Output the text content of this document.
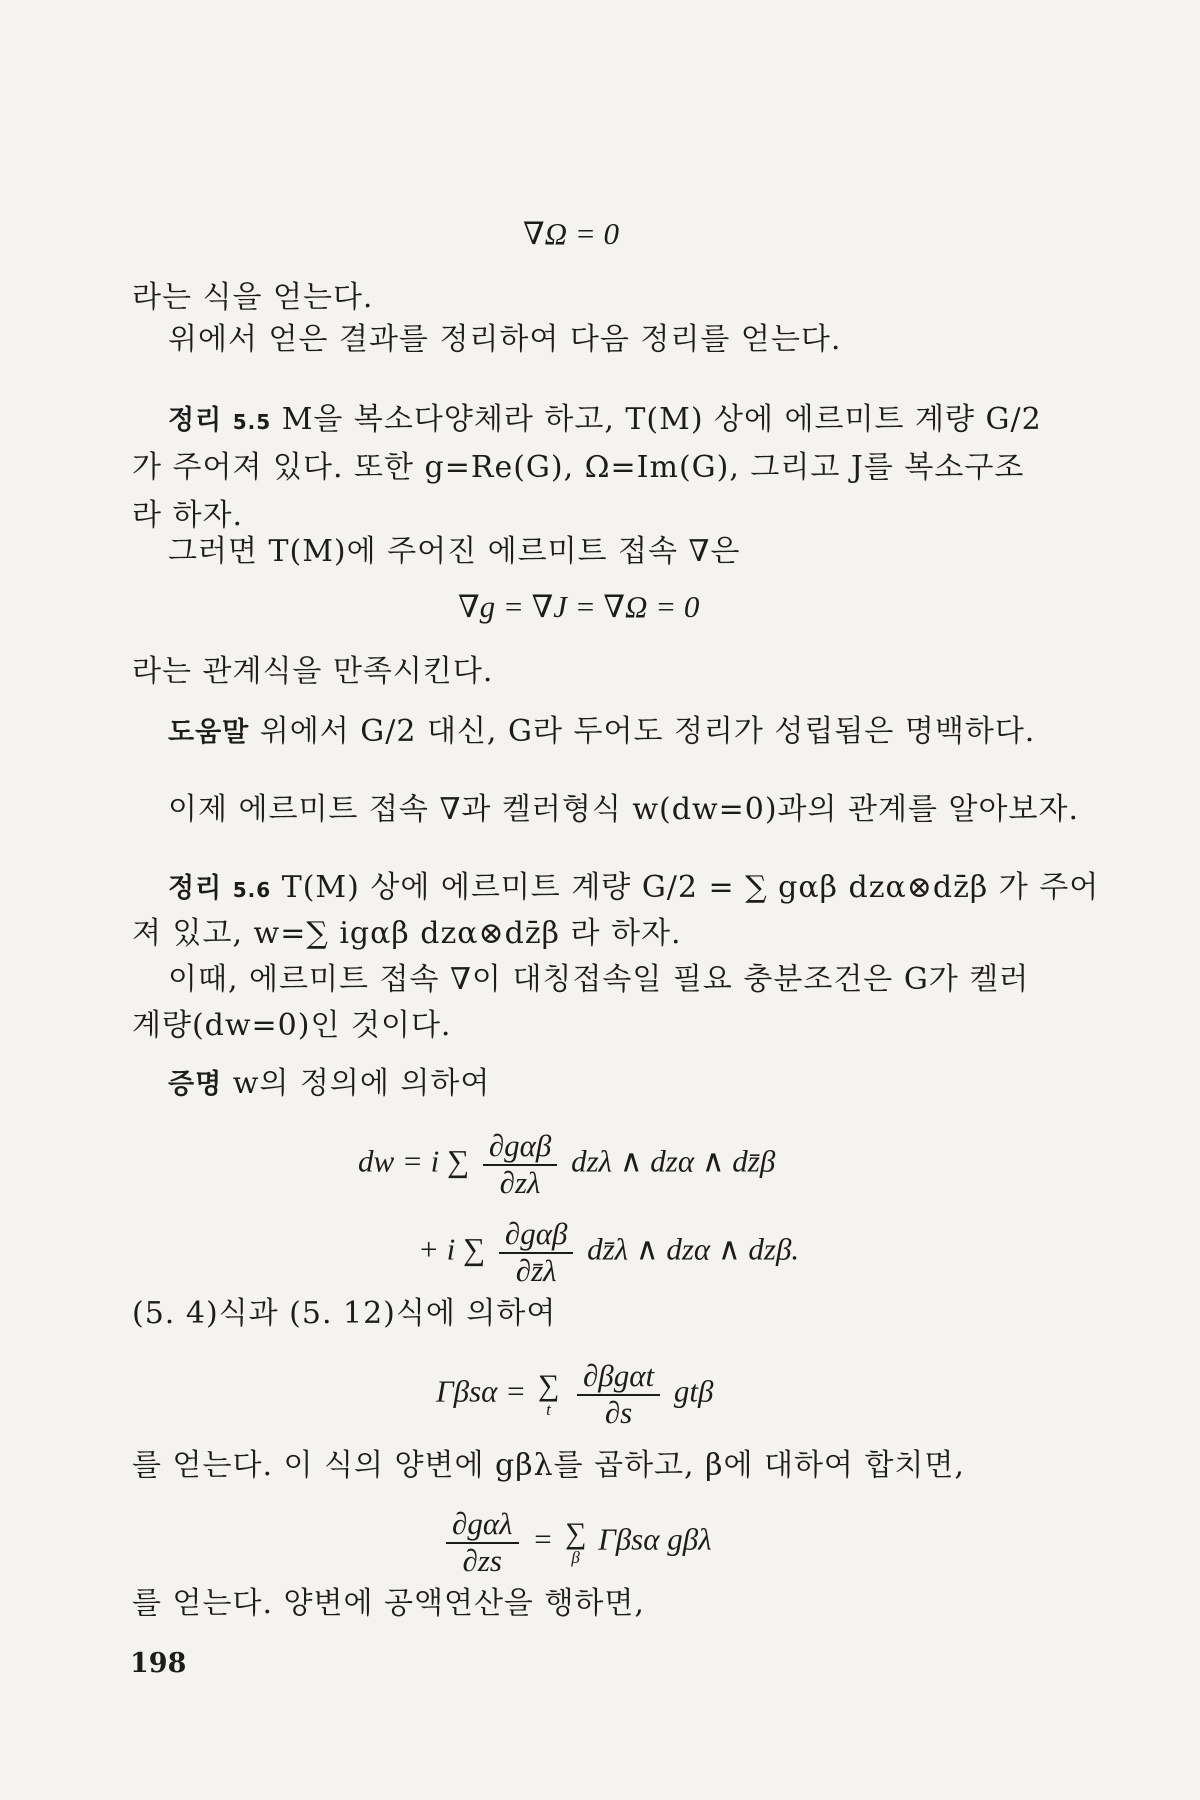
∇Ω = 0
라는 식을 얻는다.
위에서 얻은 결과를 정리하여 다음 정리를 얻는다.
정리 5.5 M을 복소다양체라 하고, T(M) 상에 에르미트 계량 G/2
가 주어져 있다. 또한 g=Re(G), Ω=Im(G), 그리고 J를 복소구조
라 하자.
그러면 T(M)에 주어진 에르미트 접속 ∇은
∇g = ∇J = ∇Ω = 0
라는 관계식을 만족시킨다.
도움말 위에서 G/2 대신, G라 두어도 정리가 성립됨은 명백하다.
이제 에르미트 접속 ∇과 켈러형식 w(dw=0)과의 관계를 알아보자.
정리 5.6 T(M) 상에 에르미트 계량 G/2 = ∑ gαβ dzα⊗dz̄β 가 주어
져 있고, w=∑ igαβ dzα⊗dz̄β 라 하자.
이때, 에르미트 접속 ∇이 대칭접속일 필요 충분조건은 G가 켈러
계량(dw=0)인 것이다.
증명 w의 정의에 의하여
dw = i ∑ $\frac{\text{∂gαβ}}{\partial z\lambda}$ dzλ ∧ dzα ∧ dz̄β
+ i ∑ $\frac{\text{∂gαβ}}{\partial z̄\lambda}$ dz̄λ ∧ dzα ∧ dzβ.
(5. 4)식과 (5. 12)식에 의하여
Γβsα = ∑
t
$\frac{\text{∂βgαt}}{\partial s}$ gtβ
를 얻는다. 이 식의 양변에 gβλ를 곱하고, β에 대하여 합치면,
$\frac{\text{∂gαλ}}{\partial zs}$ = ∑
β
Γβsα gβλ
를 얻는다. 양변에 공액연산을 행하면,
198
